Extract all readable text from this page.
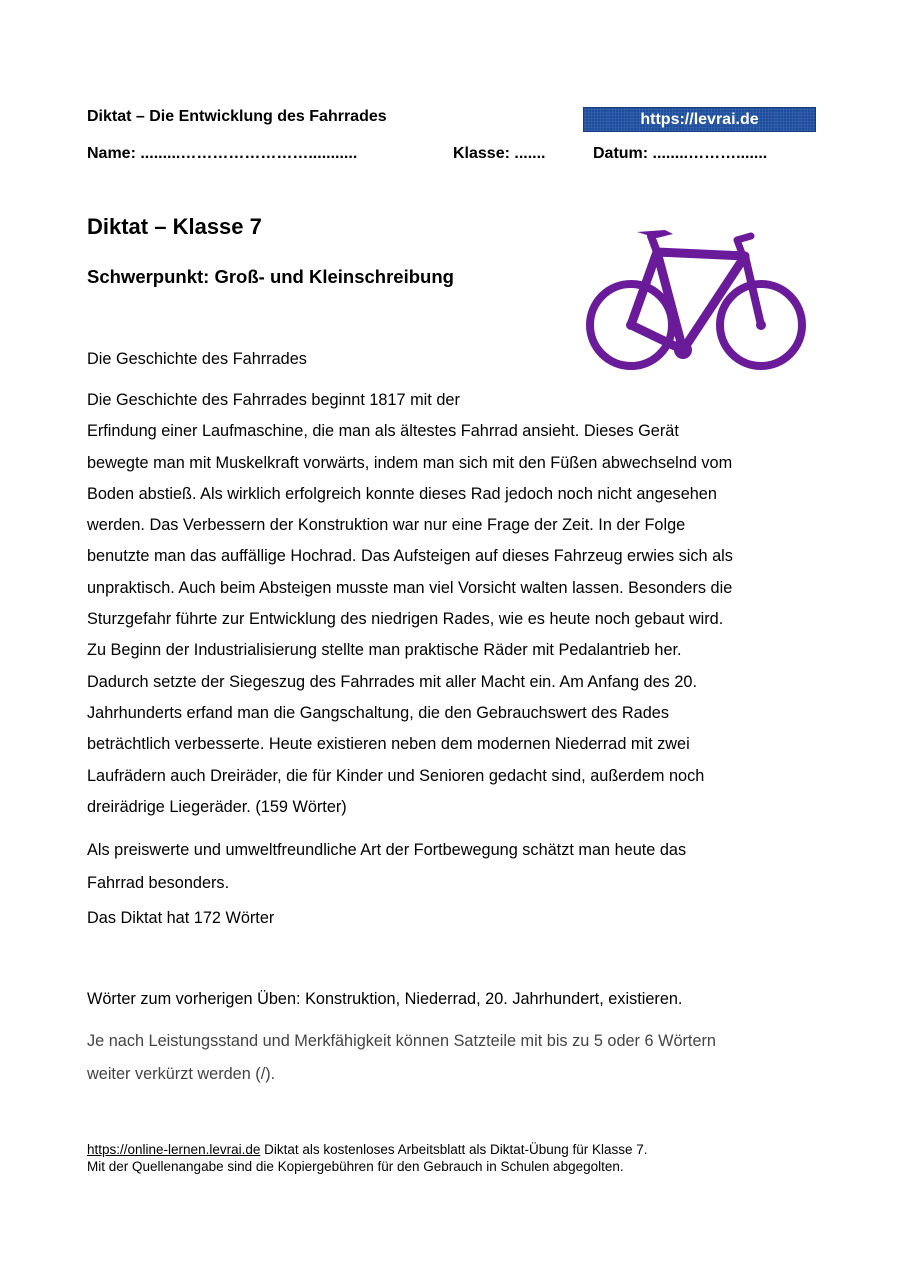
Diktat – Die Entwicklung des Fahrrades	https://levrai.de
Name: .........……………………...........	Klasse: .......	Datum: ........……….......
Diktat – Klasse 7
Schwerpunkt: Groß- und Kleinschreibung
Die Geschichte des Fahrrades
Die Geschichte des Fahrrades beginnt 1817 mit der
Erfindung einer Laufmaschine, die man als ältestes Fahrrad ansieht. Dieses Gerät
bewegte man mit Muskelkraft vorwärts, indem man sich mit den Füßen abwechselnd vom
Boden abstieß. Als wirklich erfolgreich konnte dieses Rad jedoch noch nicht angesehen
werden. Das Verbessern der Konstruktion war nur eine Frage der Zeit. In der Folge
benutzte man das auffällige Hochrad. Das Aufsteigen auf dieses Fahrzeug erwies sich als
unpraktisch. Auch beim Absteigen musste man viel Vorsicht walten lassen. Besonders die
Sturzgefahr führte zur Entwicklung des niedrigen Rades, wie es heute noch gebaut wird.
Zu Beginn der Industrialisierung stellte man praktische Räder mit Pedalantrieb her.
Dadurch setzte der Siegeszug des Fahrrades mit aller Macht ein. Am Anfang des 20.
Jahrhunderts erfand man die Gangschaltung, die den Gebrauchswert des Rades
beträchtlich verbesserte. Heute existieren neben dem modernen Niederrad mit zwei
Laufrädern auch Dreiräder, die für Kinder und Senioren gedacht sind, außerdem noch
dreirädrige Liegeräder. (159 Wörter)
Als preiswerte und umweltfreundliche Art der Fortbewegung schätzt man heute das
Fahrrad besonders.
Das Diktat hat 172 Wörter
Wörter zum vorherigen Üben: Konstruktion, Niederrad, 20. Jahrhundert, existieren.
Je nach Leistungsstand und Merkfähigkeit können Satzteile mit bis zu 5 oder 6 Wörtern
weiter verkürzt werden (/).
https://online-lernen.levrai.de Diktat als kostenloses Arbeitsblatt als Diktat-Übung für Klasse 7.
Mit der Quellenangabe sind die Kopiergebühren für den Gebrauch in Schulen abgegolten.
